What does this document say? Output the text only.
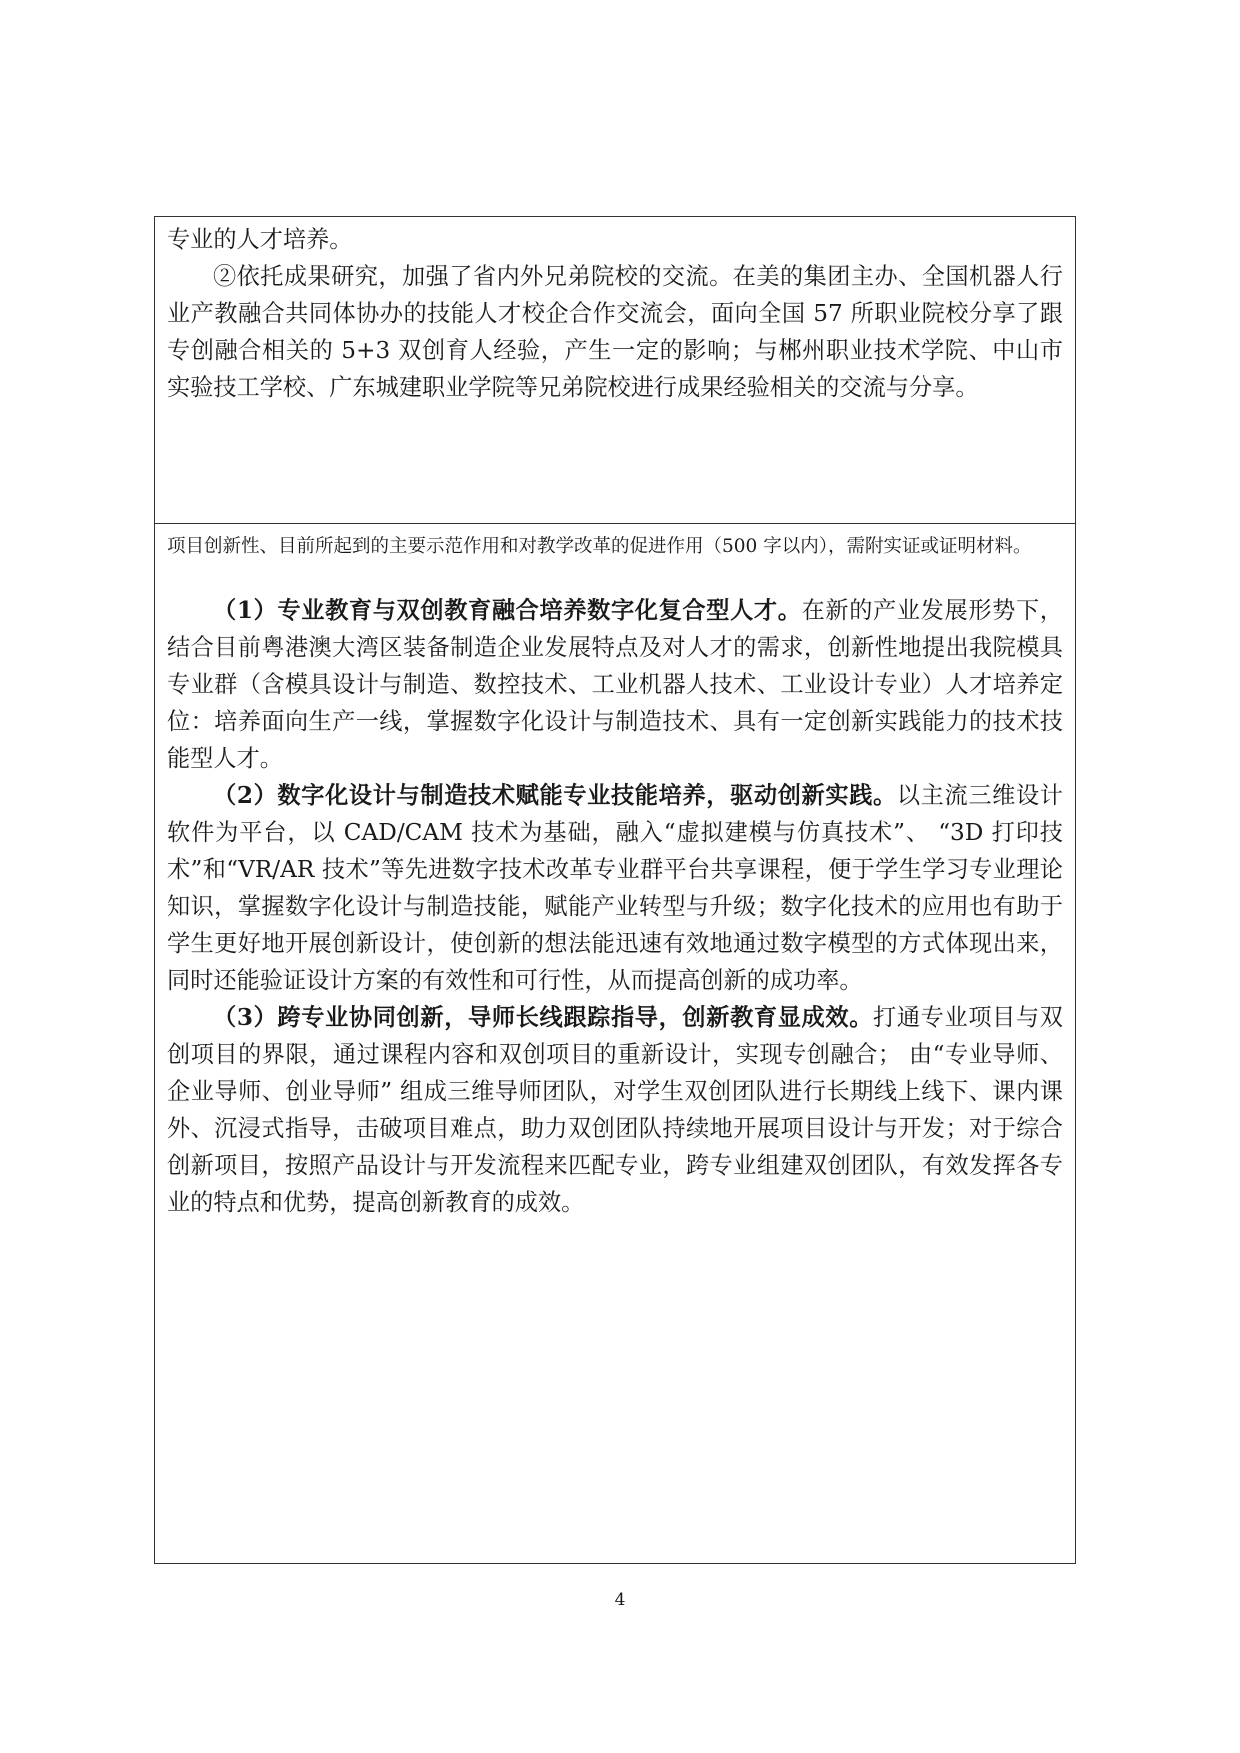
专业的人才培养。

②依托成果研究，加强了省内外兄弟院校的交流。在美的集团主办、全国机器人行业产教融合共同体协办的技能人才校企合作交流会，面向全国 57 所职业院校分享了跟专创融合相关的 5+3 双创育人经验，产生一定的影响；与郴州职业技术学院、中山市实验技工学校、广东城建职业学院等兄弟院校进行成果经验相关的交流与分享。

项目创新性、目前所起到的主要示范作用和对教学改革的促进作用（500 字以内），需附实证或证明材料。

（1）专业教育与双创教育融合培养数字化复合型人才。在新的产业发展形势下，结合目前粤港澳大湾区装备制造企业发展特点及对人才的需求，创新性地提出我院模具专业群（含模具设计与制造、数控技术、工业机器人技术、工业设计专业）人才培养定位：培养面向生产一线，掌握数字化设计与制造技术、具有一定创新实践能力的技术技能型人才。

（2）数字化设计与制造技术赋能专业技能培养，驱动创新实践。以主流三维设计软件为平台，以 CAD/CAM 技术为基础，融入“虚拟建模与仿真技术”、 “3D 打印技术”和“VR/AR 技术”等先进数字技术改革专业群平台共享课程，便于学生学习专业理论知识，掌握数字化设计与制造技能，赋能产业转型与升级；数字化技术的应用也有助于学生更好地开展创新设计，使创新的想法能迅速有效地通过数字模型的方式体现出来，同时还能验证设计方案的有效性和可行性，从而提高创新的成功率。

（3）跨专业协同创新，导师长线跟踪指导，创新教育显成效。打通专业项目与双创项目的界限，通过课程内容和双创项目的重新设计，实现专创融合； 由“专业导师、企业导师、创业导师” 组成三维导师团队，对学生双创团队进行长期线上线下、课内课外、沉浸式指导，击破项目难点，助力双创团队持续地开展项目设计与开发；对于综合创新项目，按照产品设计与开发流程来匹配专业，跨专业组建双创团队，有效发挥各专业的特点和优势，提高创新教育的成效。

4
